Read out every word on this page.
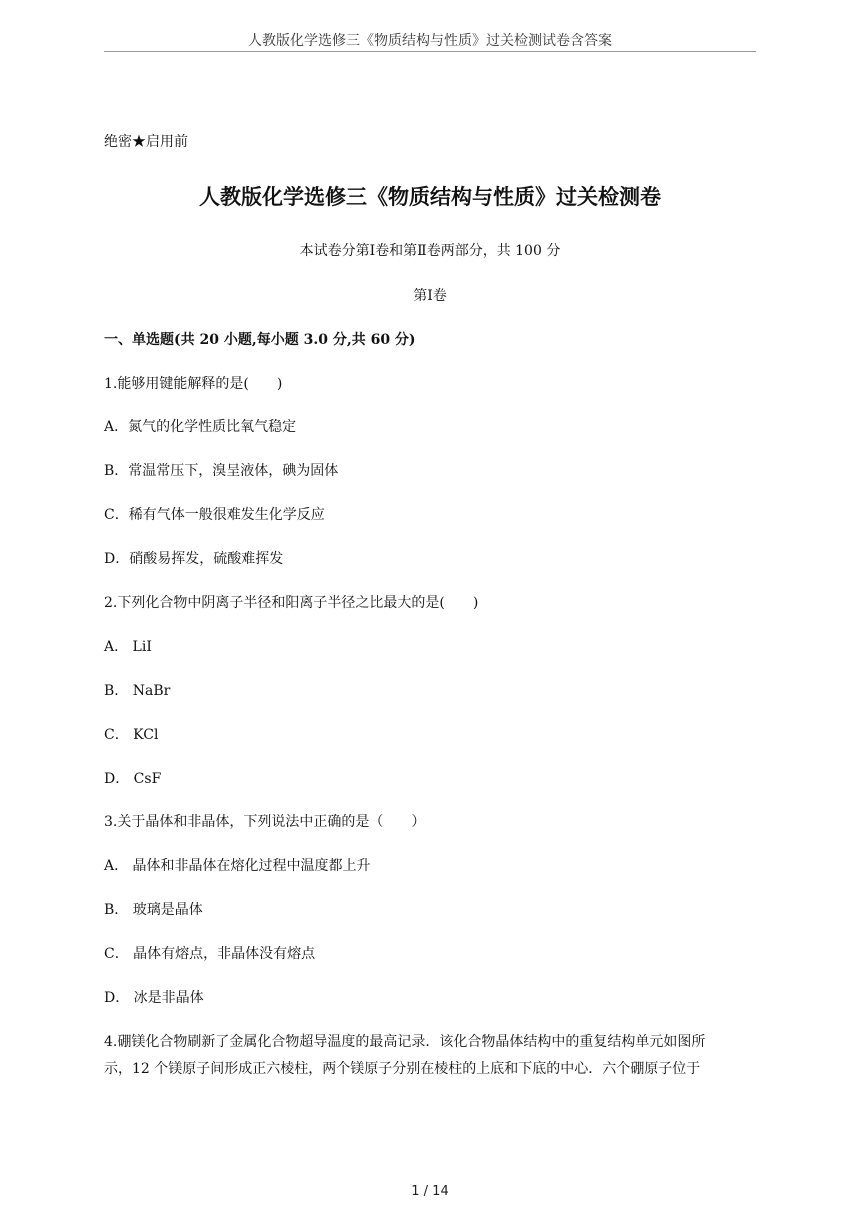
人教版化学选修三《物质结构与性质》过关检测试卷含答案
绝密★启用前
人教版化学选修三《物质结构与性质》过关检测卷
本试卷分第Ⅰ卷和第Ⅱ卷两部分，共 100 分
第Ⅰ卷
一、单选题(共 20 小题,每小题 3.0 分,共 60 分)
1.能够用键能解释的是(　　)
A．氮气的化学性质比氧气稳定
B．常温常压下，溴呈液体，碘为固体
C．稀有气体一般很难发生化学反应
D．硝酸易挥发，硫酸难挥发
2.下列化合物中阴离子半径和阳离子半径之比最大的是(　　)
A． LiI
B． NaBr
C． KCl
D． CsF
3.关于晶体和非晶体，下列说法中正确的是（　　）
A． 晶体和非晶体在熔化过程中温度都上升
B． 玻璃是晶体
C． 晶体有熔点，非晶体没有熔点
D． 冰是非晶体
4.硼镁化合物刷新了金属化合物超导温度的最高记录．该化合物晶体结构中的重复结构单元如图所
示，12 个镁原子间形成正六棱柱，两个镁原子分别在棱柱的上底和下底的中心．六个硼原子位于
1 / 14
